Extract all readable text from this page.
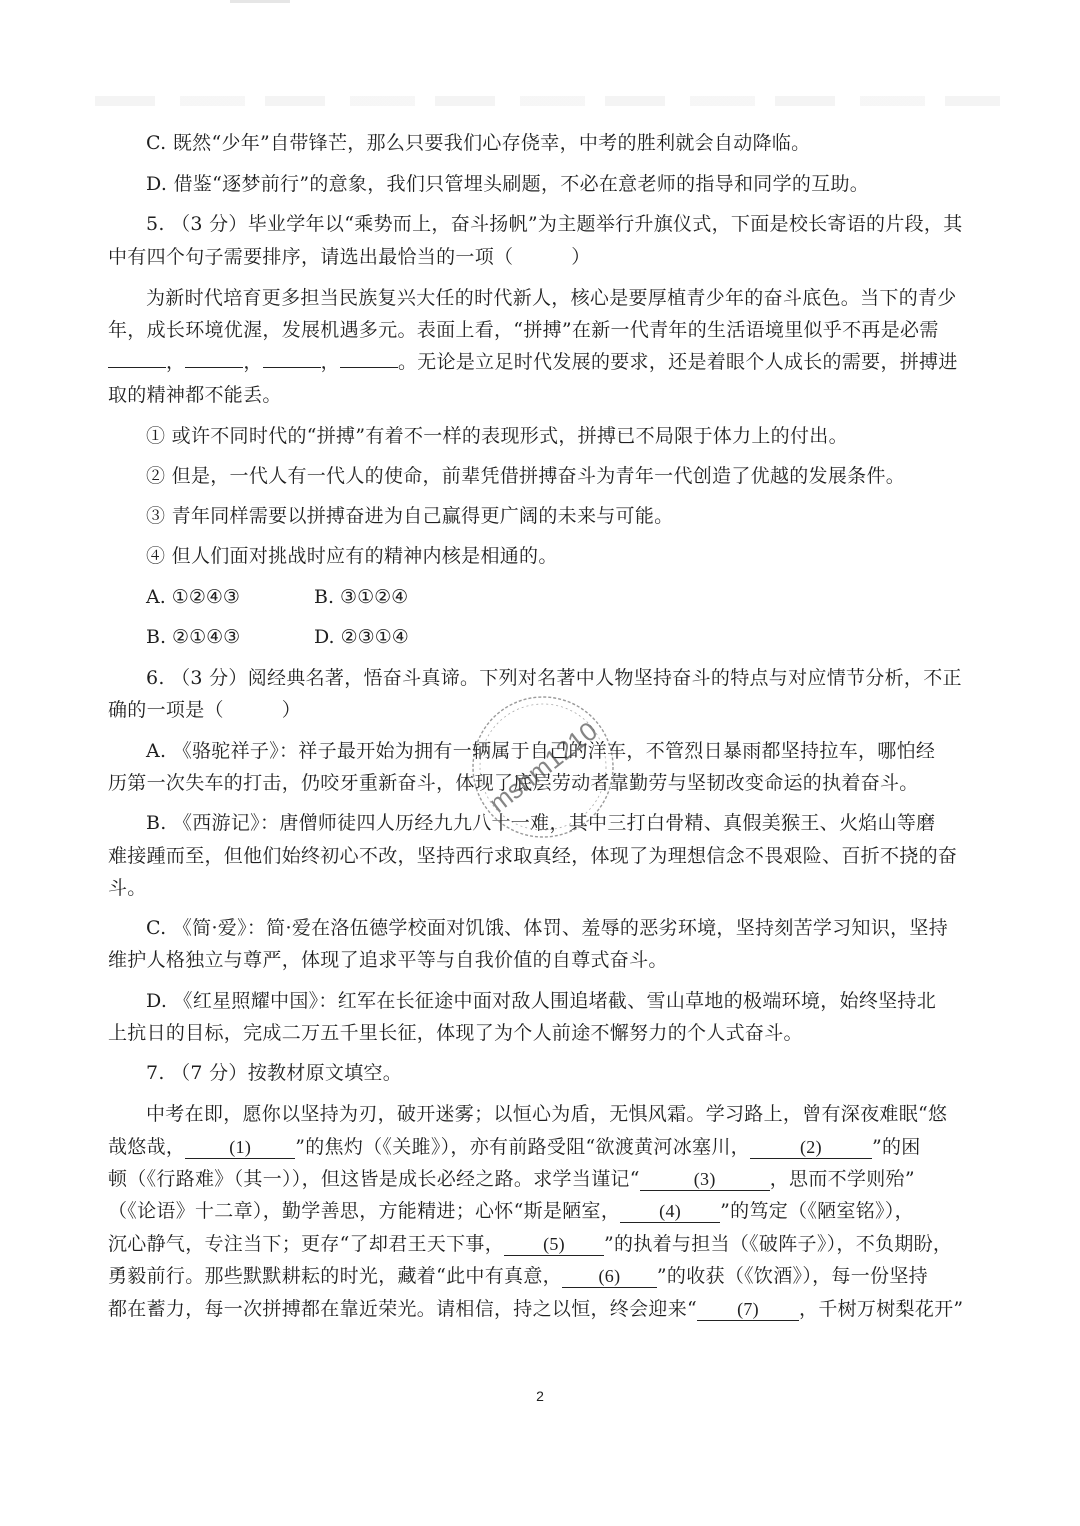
C. 既然“少年”自带锋芒，那么只要我们心存侥幸，中考的胜利就会自动降临。
D. 借鉴“逐梦前行”的意象，我们只管埋头刷题，不必在意老师的指导和同学的互助。
5. （3 分）毕业学年以“乘势而上，奋斗扬帆”为主题举行升旗仪式，下面是校长寄语的片段，其
中有四个句子需要排序，请选出最恰当的一项（　　　）
为新时代培育更多担当民族复兴大任的时代新人，核心是要厚植青少年的奋斗底色。当下的青少
年，成长环境优渥，发展机遇多元。表面上看，“拼搏”在新一代青年的生活语境里似乎不再是必需
，	，	，	。无论是立足时代发展的要求，还是着眼个人成长的需要，拼搏进
取的精神都不能丢。
① 或许不同时代的“拼搏”有着不一样的表现形式，拼搏已不局限于体力上的付出。
② 但是，一代人有一代人的使命，前辈凭借拼搏奋斗为青年一代创造了优越的发展条件。
③ 青年同样需要以拼搏奋进为自己赢得更广阔的未来与可能。
④ 但人们面对挑战时应有的精神内核是相通的。
A. ①②④③	B. ③①②④
B. ②①④③	D. ②③①④
6. （3 分）阅经典名著，悟奋斗真谛。下列对名著中人物坚持奋斗的特点与对应情节分析，不正
确的一项是（　　　）
A. 《骆驼祥子》：祥子最开始为拥有一辆属于自己的洋车，不管烈日暴雨都坚持拉车，哪怕经
历第一次失车的打击，仍咬牙重新奋斗，体现了底层劳动者靠勤劳与坚韧改变命运的执着奋斗。
B. 《西游记》：唐僧师徒四人历经九九八十一难，其中三打白骨精、真假美猴王、火焰山等磨
难接踵而至，但他们始终初心不改，坚持西行求取真经，体现了为理想信念不畏艰险、百折不挠的奋
斗。
C. 《简·爱》：简·爱在洛伍德学校面对饥饿、体罚、羞辱的恶劣环境，坚持刻苦学习知识，坚持
维护人格独立与尊严，体现了追求平等与自我价值的自尊式奋斗。
D. 《红星照耀中国》：红军在长征途中面对敌人围追堵截、雪山草地的极端环境，始终坚持北
上抗日的目标，完成二万五千里长征，体现了为个人前途不懈努力的个人式奋斗。
7. （7 分）按教材原文填空。
中考在即，愿你以坚持为刃，破开迷雾；以恒心为盾，无惧风霜。学习路上，曾有深夜难眠“悠
哉悠哉， (1) ”的焦灼（《关雎》），亦有前路受阻“欲渡黄河冰塞川，	(2)	”的困
顿（《行路难》（其一）），但这皆是成长必经之路。求学当谨记“	(3)	，思而不学则殆”
（《论语》十二章），勤学善思，方能精进；心怀“斯是陋室， (4) ”的笃定（《陋室铭》），
沉心静气，专注当下；更存“了却君王天下事， (5) ”的执着与担当（《破阵子》），不负期盼，
勇毅前行。那些默默耕耘的时光，藏着“此中有真意， (6) ”的收获（《饮酒》），每一份坚持
都在蓄力，每一次拼搏都在靠近荣光。请相信，持之以恒，终会迎来“ (7) ，千树万树梨花开”
mshm1210
2
